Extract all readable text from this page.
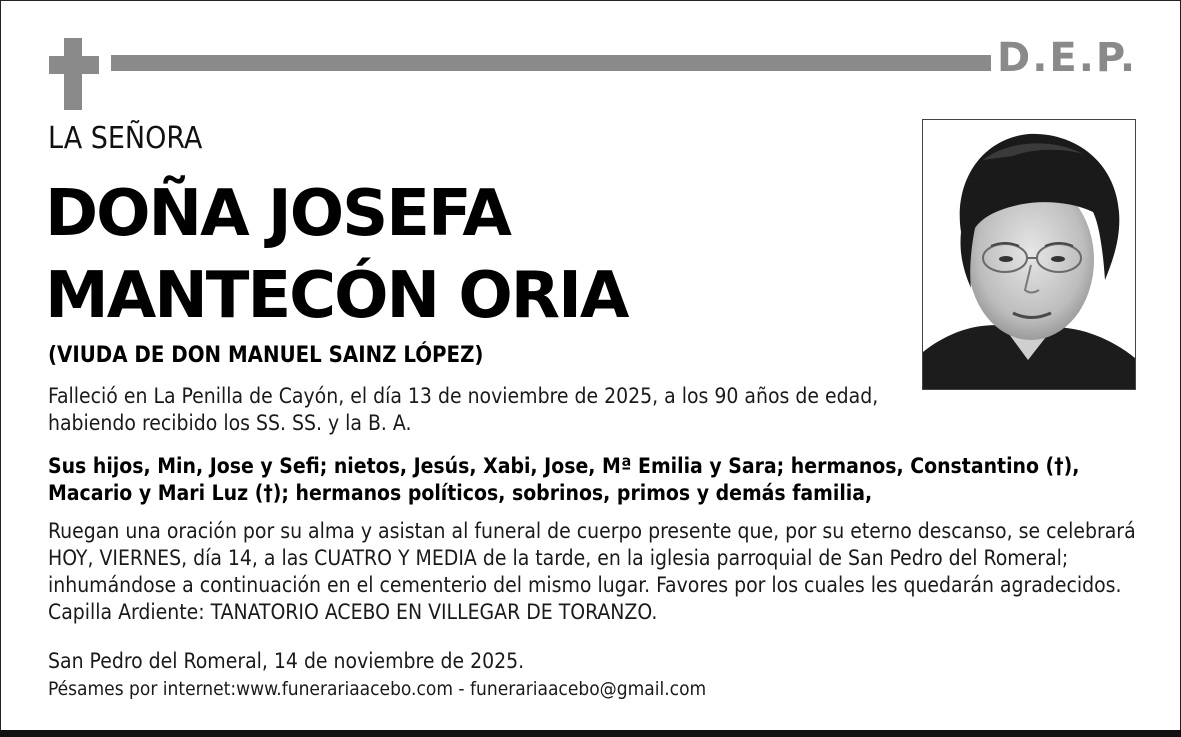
D.E.P.
LA SEÑORA
DOÑA JOSEFA
MANTECÓN ORIA
(VIUDA DE DON MANUEL SAINZ LÓPEZ)

Falleció en La Penilla de Cayón, el día 13 de noviembre de 2025, a los 90 años de edad, habiendo recibido los SS. SS. y la B. A.

Sus hijos, Min, Jose y Sefi; nietos, Jesús, Xabi, Jose, Mª Emilia y Sara; hermanos, Constantino (†), Macario y Mari Luz (†); hermanos políticos, sobrinos, primos y demás familia,

Ruegan una oración por su alma y asistan al funeral de cuerpo presente que, por su eterno descanso, se celebrará HOY, VIERNES, día 14, a las CUATRO Y MEDIA de la tarde, en la iglesia parroquial de San Pedro del Romeral; inhumándose a continuación en el cementerio del mismo lugar. Favores por los cuales les quedarán agradecidos. Capilla Ardiente: TANATORIO ACEBO EN VILLEGAR DE TORANZO.

San Pedro del Romeral, 14 de noviembre de 2025.

Pésames por internet:www.funerariaacebo.com - funerariaacebo@gmail.com
